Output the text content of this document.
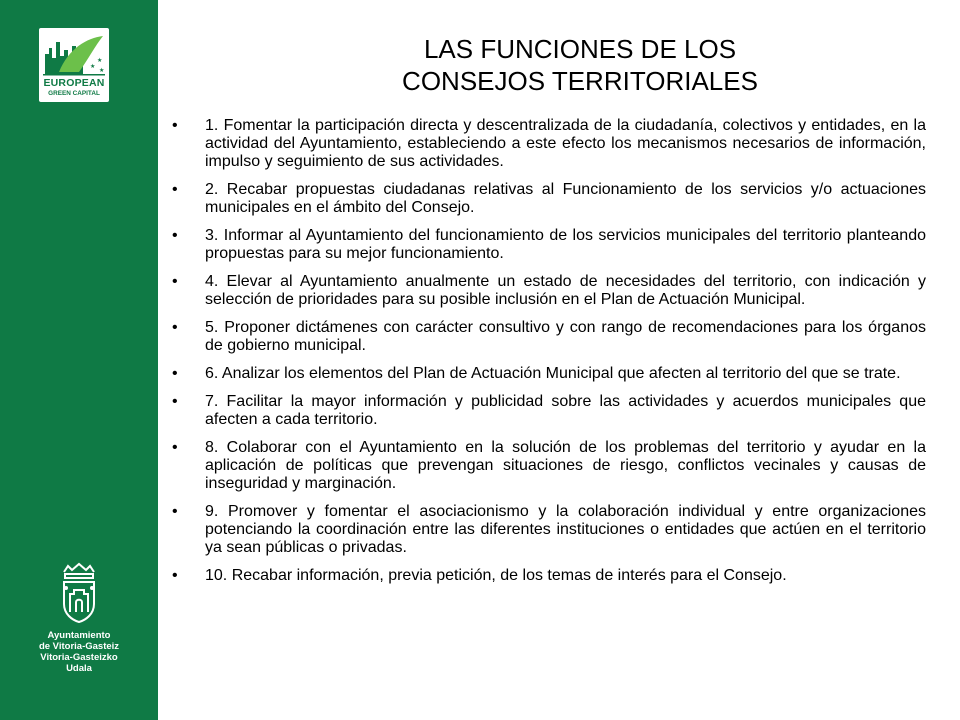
★
★
★
EUROPEAN
GREEN CAPITAL
Ayuntamiento
de Vitoria-Gasteiz
Vitoria-Gasteizko
Udala
LAS FUNCIONES DE LOS
CONSEJOS TERRITORIALES
• 1. Fomentar la participación directa y descentralizada de la ciudadanía, colectivos y entidades, en la actividad del Ayuntamiento, estableciendo a este efecto los mecanismos necesarios de información, impulso y seguimiento de sus actividades.
• 2. Recabar propuestas ciudadanas relativas al Funcionamiento de los servicios y/o actuaciones municipales en el ámbito del Consejo.
• 3. Informar al Ayuntamiento del funcionamiento de los servicios municipales del territorio planteando propuestas para su mejor funcionamiento.
• 4. Elevar al Ayuntamiento anualmente un estado de necesidades del territorio, con indicación y selección de prioridades para su posible inclusión en el Plan de Actuación Municipal.
• 5. Proponer dictámenes con carácter consultivo y con rango de recomendaciones para los órganos de gobierno municipal.
• 6. Analizar los elementos del Plan de Actuación Municipal que afecten al territorio del que se trate.
• 7. Facilitar la mayor información y publicidad sobre las actividades y acuerdos municipales que afecten a cada territorio.
• 8. Colaborar con el Ayuntamiento en la solución de los problemas del territorio y ayudar en la aplicación de políticas que prevengan situaciones de riesgo, conflictos vecinales y causas de inseguridad y marginación.
• 9. Promover y fomentar el asociacionismo y la colaboración individual y entre organizaciones potenciando la coordinación entre las diferentes instituciones o entidades que actúen en el territorio ya sean públicas o privadas.
• 10. Recabar información, previa petición, de los temas de interés para el Consejo.
